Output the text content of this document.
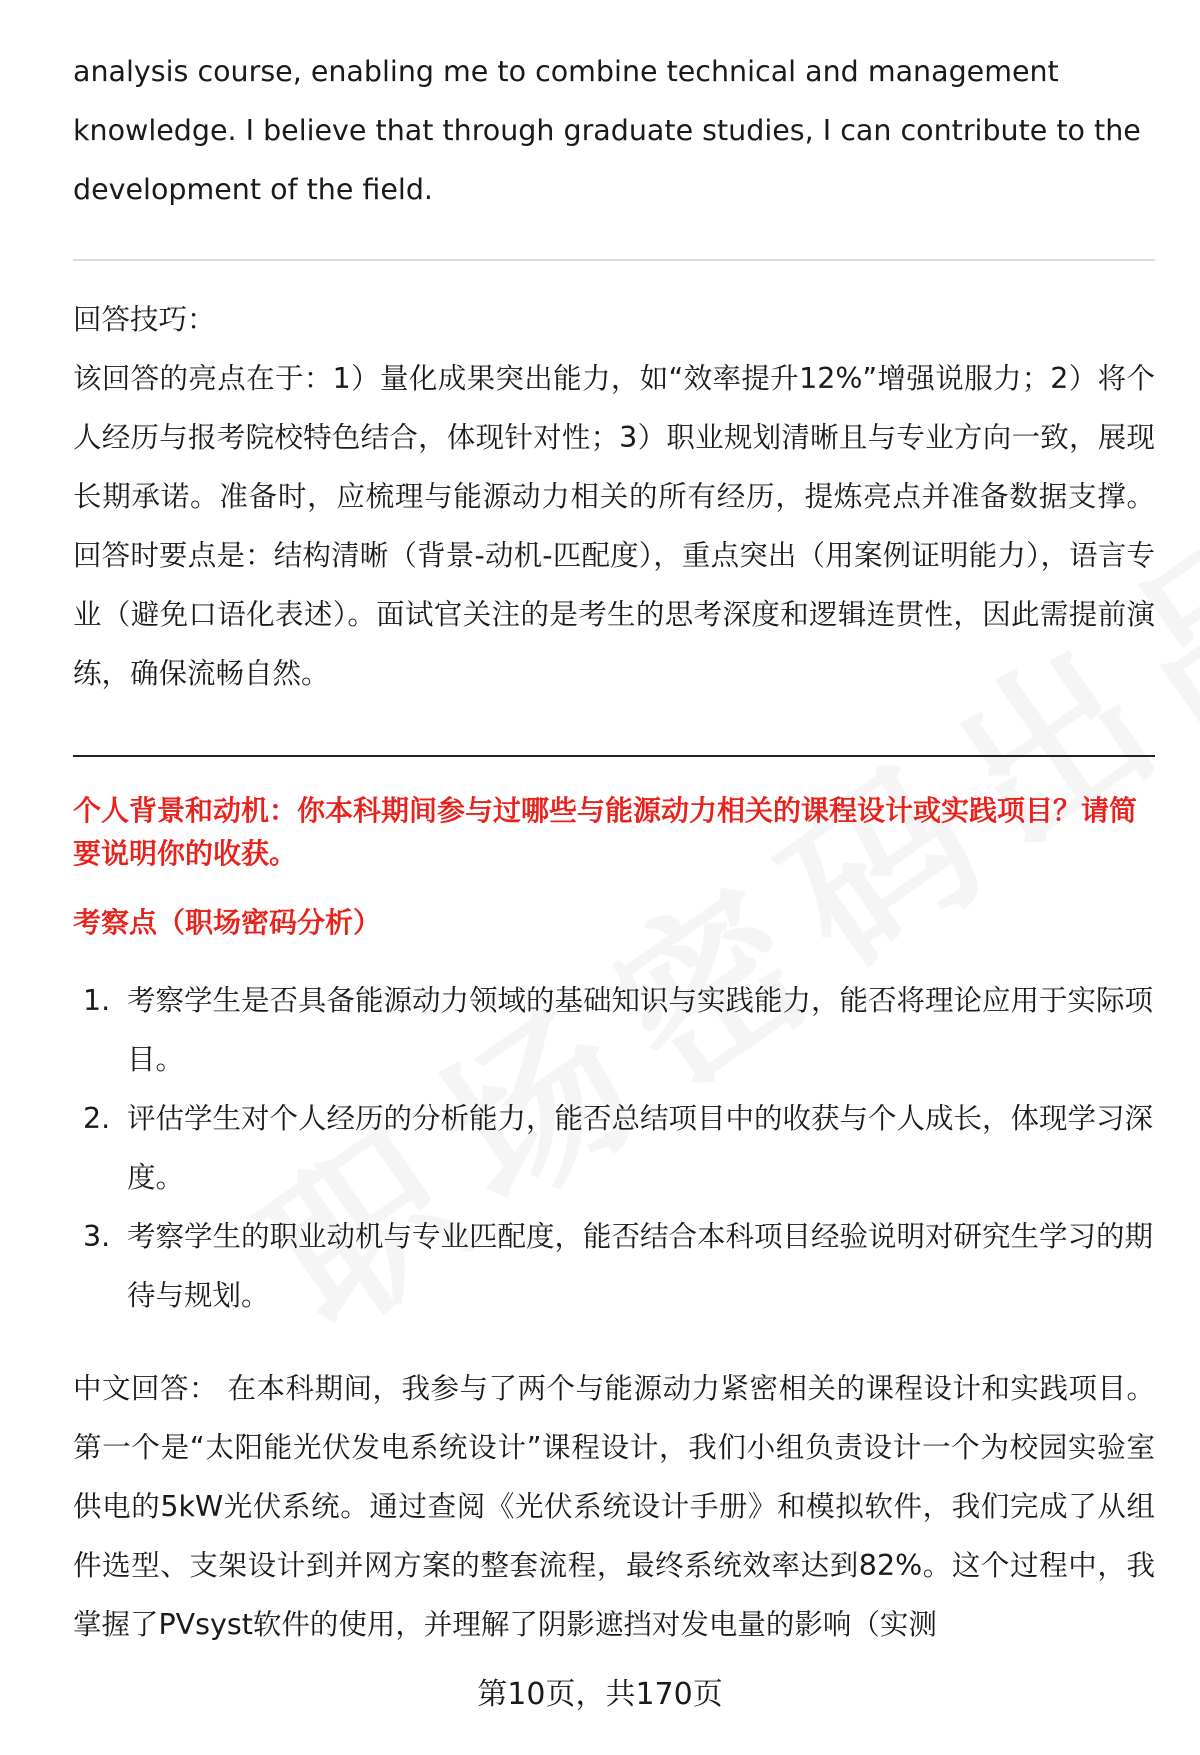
analysis course, enabling me to combine technical and management knowledge. I believe that through graduate studies, I can contribute to the development of the field.

回答技巧：

该回答的亮点在于：1）量化成果突出能力，如“效率提升12%”增强说服力；2）将个人经历与报考院校特色结合，体现针对性；3）职业规划清晰且与专业方向一致，展现长期承诺。准备时，应梳理与能源动力相关的所有经历，提炼亮点并准备数据支撑。回答时要点是：结构清晰（背景-动机-匹配度），重点突出（用案例证明能力），语言专业（避免口语化表述）。面试官关注的是考生的思考深度和逻辑连贯性，因此需提前演练，确保流畅自然。

个人背景和动机：你本科期间参与过哪些与能源动力相关的课程设计或实践项目？请简要说明你的收获。

考察点（职场密码分析）

1. 考察学生是否具备能源动力领域的基础知识与实践能力，能否将理论应用于实际项目。
2. 评估学生对个人经历的分析能力，能否总结项目中的收获与个人成长，体现学习深度。
3. 考察学生的职业动机与专业匹配度，能否结合本科项目经验说明对研究生学习的期待与规划。

中文回答： 在本科期间，我参与了两个与能源动力紧密相关的课程设计和实践项目。第一个是“太阳能光伏发电系统设计”课程设计，我们小组负责设计一个为校园实验室供电的5kW光伏系统。通过查阅《光伏系统设计手册》和模拟软件，我们完成了从组件选型、支架设计到并网方案的整套流程，最终系统效率达到82%。这个过程中，我掌握了PVsyst软件的使用，并理解了阴影遮挡对发电量的影响（实测

第10页，共170页
